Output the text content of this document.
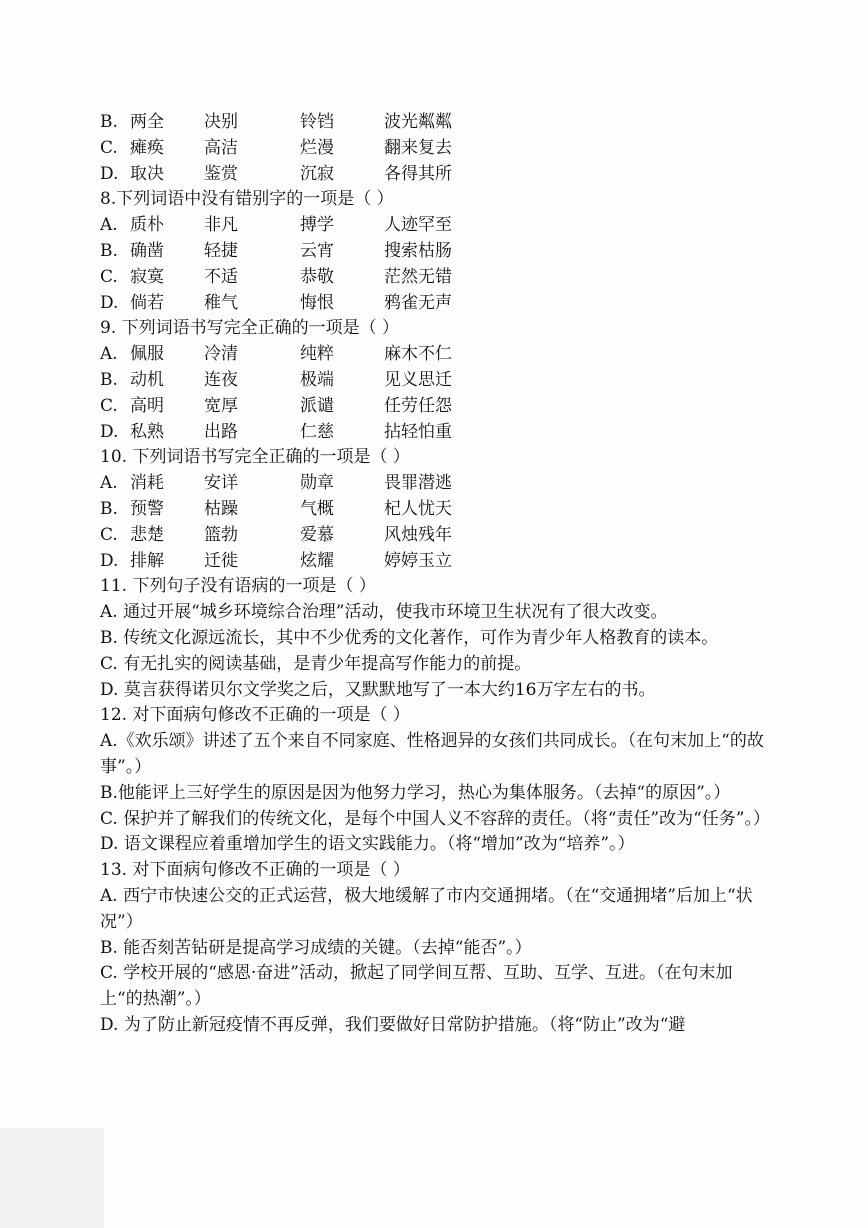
B. 两全	决别	铃铛	波光粼粼
C. 瘫痪	高洁	烂漫	翻来复去
D. 取决	鉴赏	沉寂	各得其所
8.下列词语中没有错别字的一项是（ ）
A. 质朴	非凡	搏学	人迹罕至
B. 确凿	轻捷	云宵	搜索枯肠
C. 寂寞	不适	恭敬	茫然无错
D. 倘若	稚气	悔恨	鸦雀无声
9. 下列词语书写完全正确的一项是（ ）
A. 佩服	冷清	纯粹	麻木不仁
B. 动机	连夜	极端	见义思迁
C. 高明	宽厚	派谴	任劳任怨
D. 私熟	出路	仁慈	拈轻怕重
10. 下列词语书写完全正确的一项是（ ）
A. 消耗	安详	勋章	畏罪潜逃
B. 预警	枯躁	气概	杞人忧天
C. 悲楚	篮勃	爱慕	风烛残年
D. 排解	迁徙	炫耀	婷婷玉立
11. 下列句子没有语病的一项是（ ）
A. 通过开展“城乡环境综合治理”活动，使我市环境卫生状况有了很大改变。
B. 传统文化源远流长，其中不少优秀的文化著作，可作为青少年人格教育的读本。
C. 有无扎实的阅读基础，是青少年提高写作能力的前提。
D. 莫言获得诺贝尔文学奖之后，又默默地写了一本大约16万字左右的书。
12. 对下面病句修改不正确的一项是（ ）
A.《欢乐颂》讲述了五个来自不同家庭、性格迥异的女孩们共同成长。（在句末加上“的故事”。）
B.他能评上三好学生的原因是因为他努力学习，热心为集体服务。（去掉“的原因”。）
C. 保护并了解我们的传统文化，是每个中国人义不容辞的责任。（将“责任”改为“任务”。）
D. 语文课程应着重增加学生的语文实践能力。（将“增加”改为“培养”。）
13. 对下面病句修改不正确的一项是（ ）
A. 西宁市快速公交的正式运营，极大地缓解了市内交通拥堵。（在“交通拥堵”后加上“状况”）
B. 能否刻苦钻研是提高学习成绩的关键。（去掉“能否”。）
C. 学校开展的“感恩·奋进”活动，掀起了同学间互帮、互助、互学、互进。（在句末加上“的热潮”。）
D. 为了防止新冠疫情不再反弹，我们要做好日常防护措施。（将“防止”改为“避
